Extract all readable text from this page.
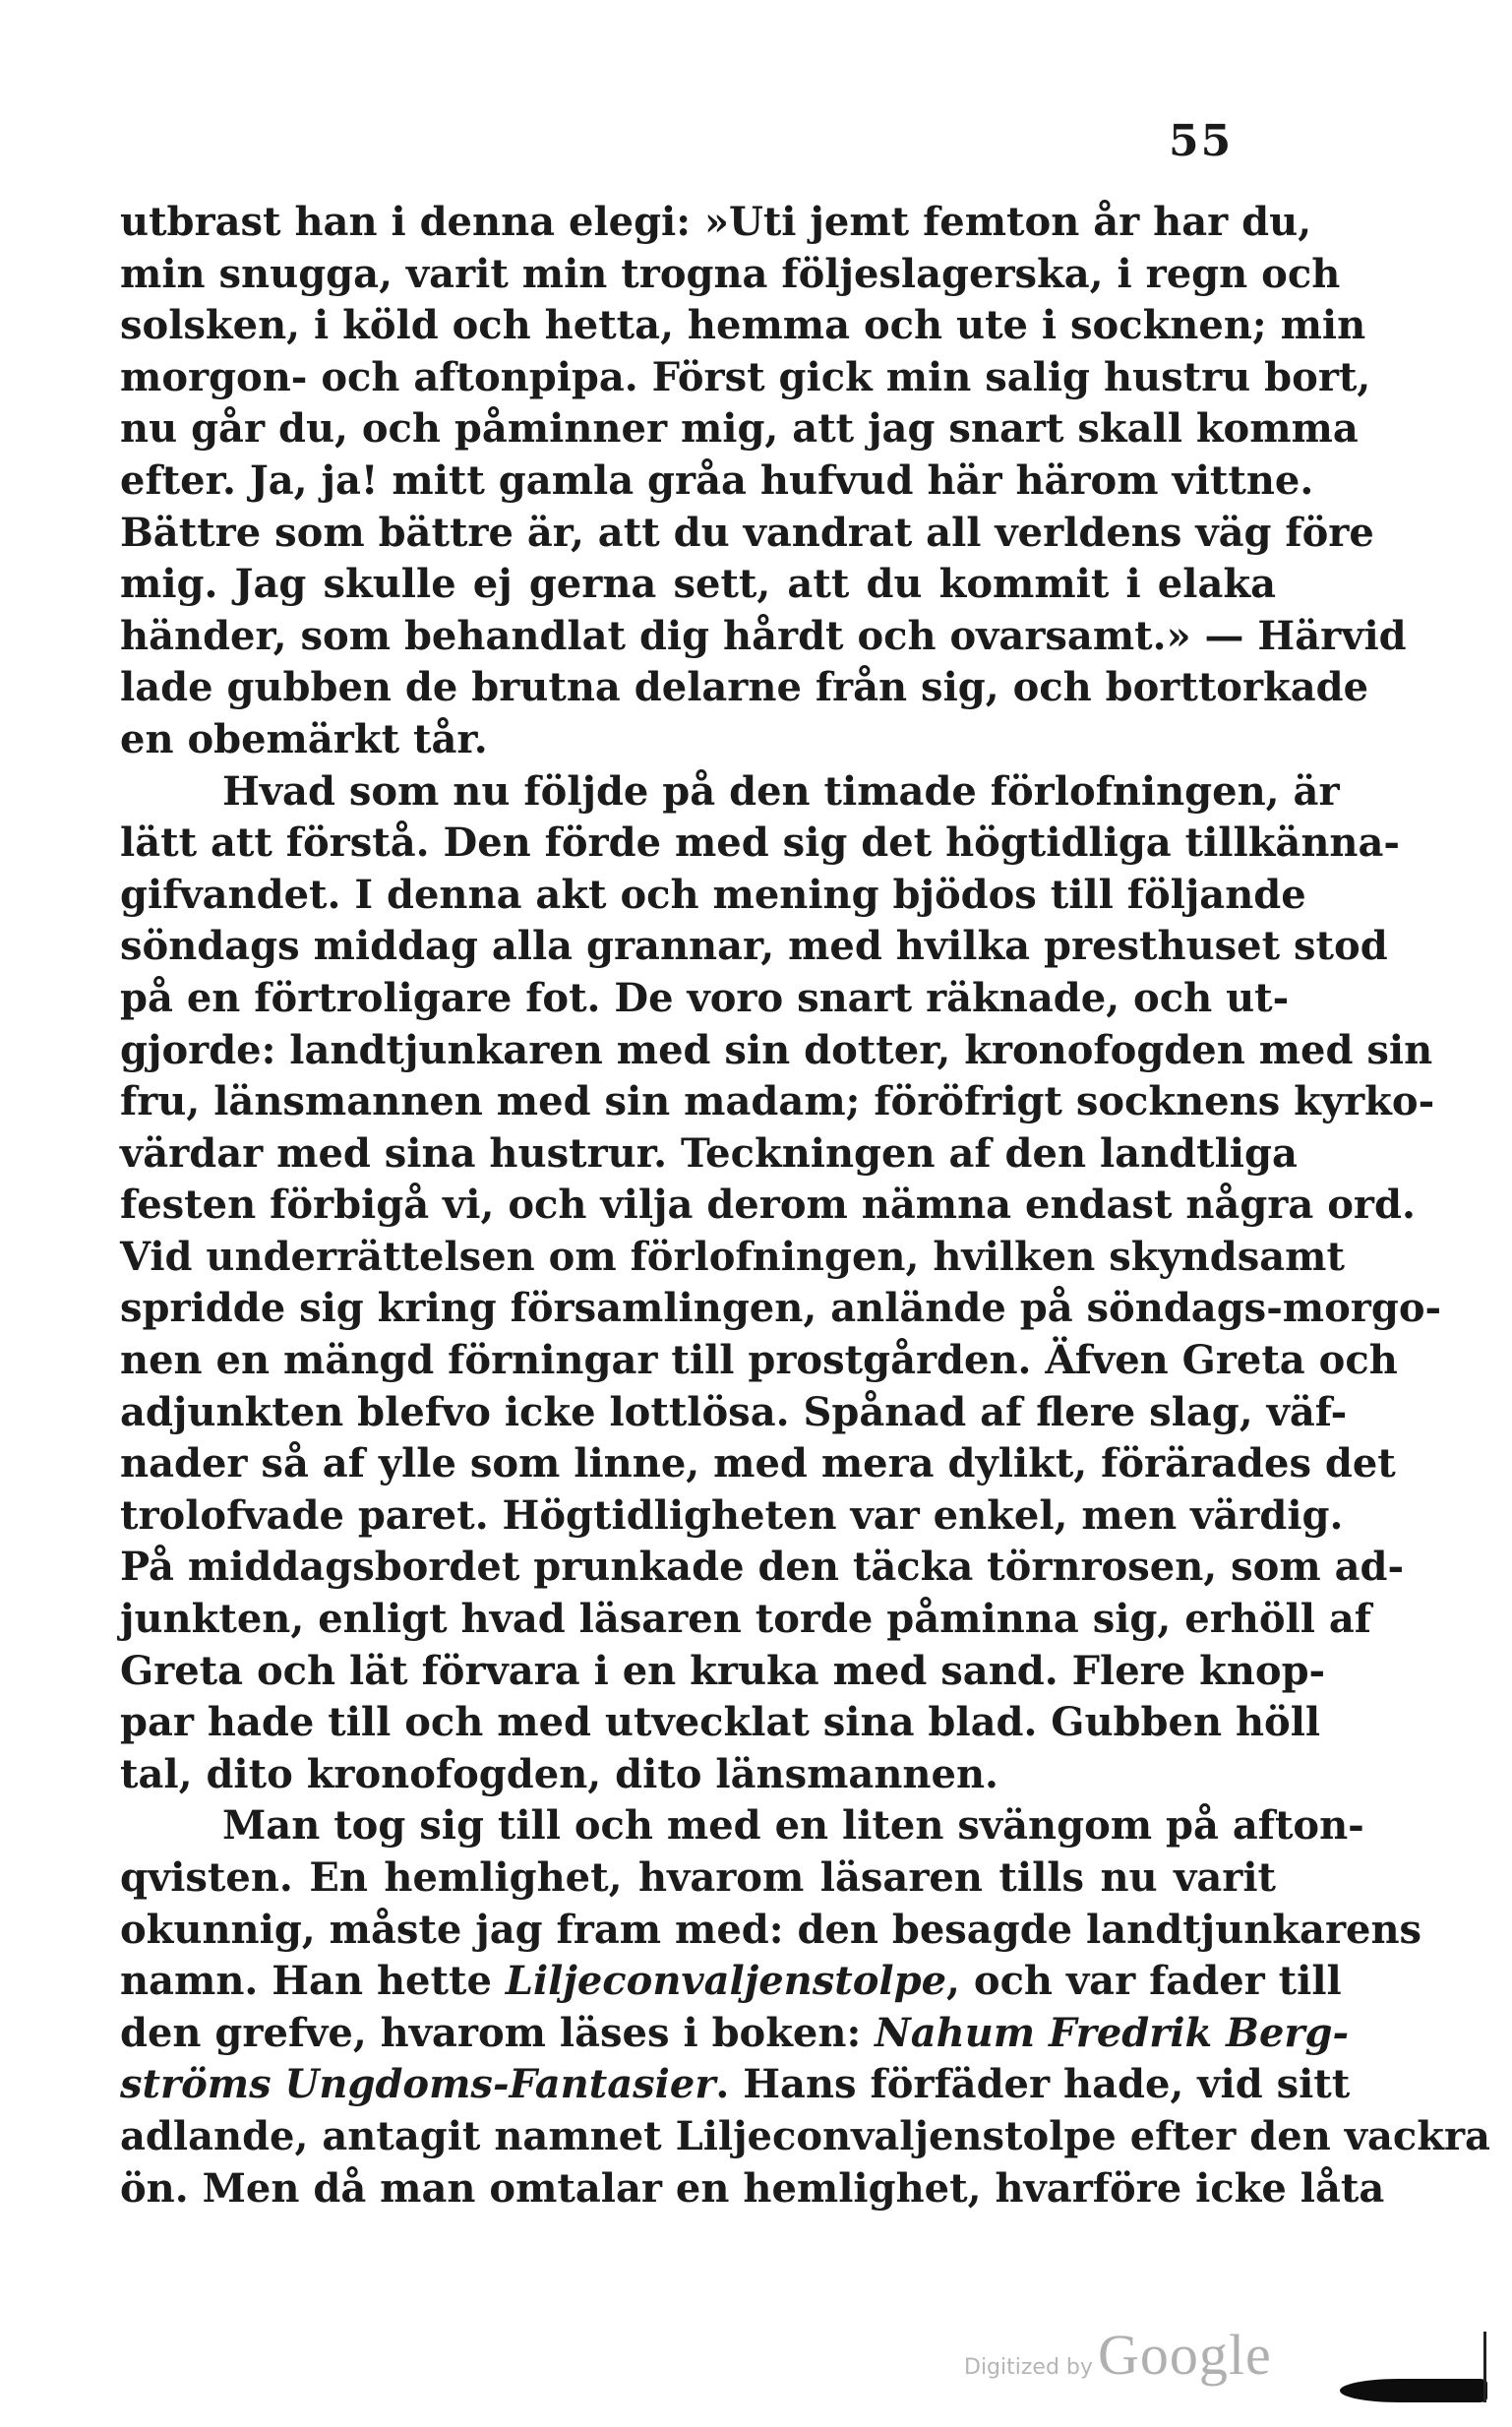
55
utbrast han i denna elegi: »Uti jemt femton år har du,
min snugga, varit min trogna följeslagerska, i regn och
solsken, i köld och hetta, hemma och ute i socknen; min
morgon- och aftonpipa. Först gick min salig hustru bort,
nu går du, och påminner mig, att jag snart skall komma
efter. Ja, ja! mitt gamla gråa hufvud här härom vittne.
Bättre som bättre är, att du vandrat all verldens väg före
mig. Jag skulle ej gerna sett, att du kommit i elaka
händer, som behandlat dig hårdt och ovarsamt.» — Härvid
lade gubben de brutna delarne från sig, och borttorkade
en obemärkt tår.
Hvad som nu följde på den timade förlofningen, är
lätt att förstå. Den förde med sig det högtidliga tillkänna-
gifvandet. I denna akt och mening bjödos till följande
söndags middag alla grannar, med hvilka presthuset stod
på en förtroligare fot. De voro snart räknade, och ut-
gjorde: landtjunkaren med sin dotter, kronofogden med sin
fru, länsmannen med sin madam; föröfrigt socknens kyrko-
värdar med sina hustrur. Teckningen af den landtliga
festen förbigå vi, och vilja derom nämna endast några ord.
Vid underrättelsen om förlofningen, hvilken skyndsamt
spridde sig kring församlingen, anlände på söndags-morgo-
nen en mängd förningar till prostgården. Äfven Greta och
adjunkten blefvo icke lottlösa. Spånad af flere slag, väf-
nader så af ylle som linne, med mera dylikt, förärades det
trolofvade paret. Högtidligheten var enkel, men värdig.
På middagsbordet prunkade den täcka törnrosen, som ad-
junkten, enligt hvad läsaren torde påminna sig, erhöll af
Greta och lät förvara i en kruka med sand. Flere knop-
par hade till och med utvecklat sina blad. Gubben höll
tal, dito kronofogden, dito länsmannen.
Man tog sig till och med en liten svängom på afton-
qvisten. En hemlighet, hvarom läsaren tills nu varit
okunnig, måste jag fram med: den besagde landtjunkarens
namn. Han hette Liljeconvaljenstolpe, och var fader till
den grefve, hvarom läses i boken: Nahum Fredrik Berg-
ströms Ungdoms-Fantasier. Hans förfäder hade, vid sitt
adlande, antagit namnet Liljeconvaljenstolpe efter den vackra
ön. Men då man omtalar en hemlighet, hvarföre icke låta
Digitized by Google
